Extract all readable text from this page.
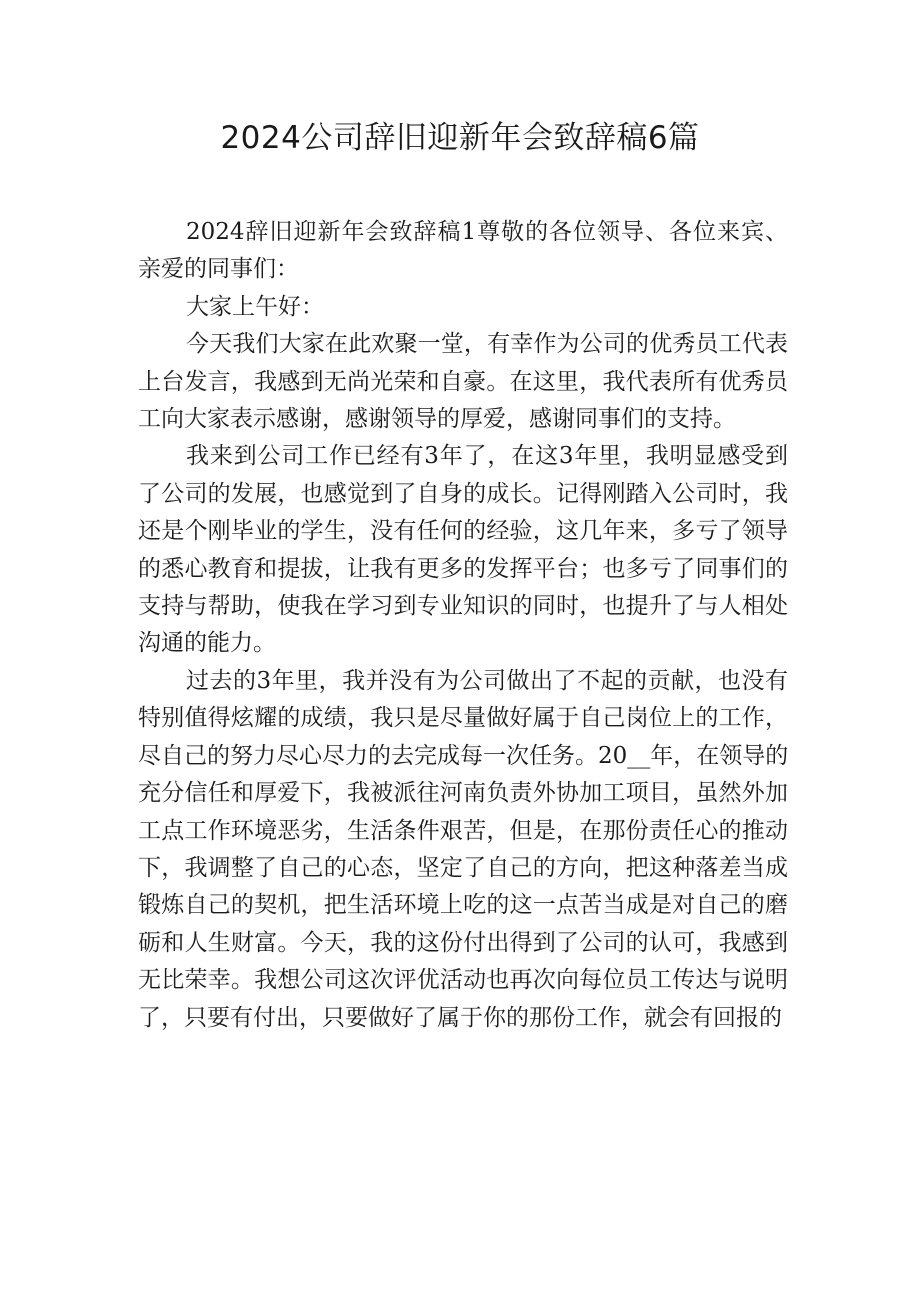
2024公司辞旧迎新年会致辞稿6篇

2024辞旧迎新年会致辞稿1尊敬的各位领导、各位来宾、
亲爱的同事们：

大家上午好：

今天我们大家在此欢聚一堂，有幸作为公司的优秀员工代表
上台发言，我感到无尚光荣和自豪。在这里，我代表所有优秀员
工向大家表示感谢，感谢领导的厚爱，感谢同事们的支持。

我来到公司工作已经有3年了，在这3年里，我明显感受到
了公司的发展，也感觉到了自身的成长。记得刚踏入公司时，我
还是个刚毕业的学生，没有任何的经验，这几年来，多亏了领导
的悉心教育和提拔，让我有更多的发挥平台；也多亏了同事们的
支持与帮助，使我在学习到专业知识的同时，也提升了与人相处
沟通的能力。

过去的3年里，我并没有为公司做出了不起的贡献，也没有
特别值得炫耀的成绩，我只是尽量做好属于自己岗位上的工作，
尽自己的努力尽心尽力的去完成每一次任务。20__年，在领导的
充分信任和厚爱下，我被派往河南负责外协加工项目，虽然外加
工点工作环境恶劣，生活条件艰苦，但是，在那份责任心的推动
下，我调整了自己的心态，坚定了自己的方向，把这种落差当成
锻炼自己的契机，把生活环境上吃的这一点苦当成是对自己的磨
砺和人生财富。今天，我的这份付出得到了公司的认可，我感到
无比荣幸。我想公司这次评优活动也再次向每位员工传达与说明
了，只要有付出，只要做好了属于你的那份工作，就会有回报的
